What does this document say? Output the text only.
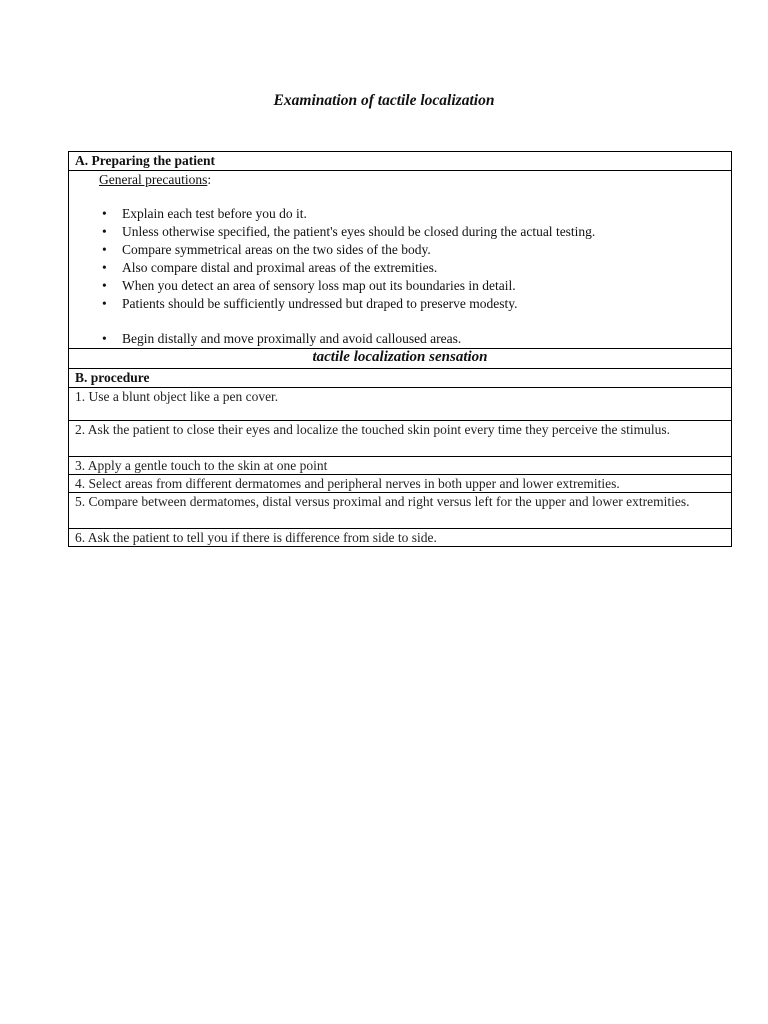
Examination of tactile localization
A. Preparing the patient

General precautions:
• Explain each test before you do it.
• Unless otherwise specified, the patient's eyes should be closed during the actual testing.
• Compare symmetrical areas on the two sides of the body.
• Also compare distal and proximal areas of the extremities.
• When you detect an area of sensory loss map out its boundaries in detail.
• Patients should be sufficiently undressed but draped to preserve modesty.
• Begin distally and move proximally and avoid calloused areas.

tactile localization sensation
B. procedure
1. Use a blunt object like a pen cover.
2. Ask the patient to close their eyes and localize the touched skin point every time they perceive the stimulus.
3. Apply a gentle touch to the skin at one point
4. Select areas from different dermatomes and peripheral nerves in both upper and lower extremities.
5. Compare between dermatomes, distal versus proximal and right versus left for the upper and lower extremities.
6. Ask the patient to tell you if there is difference from side to side.
